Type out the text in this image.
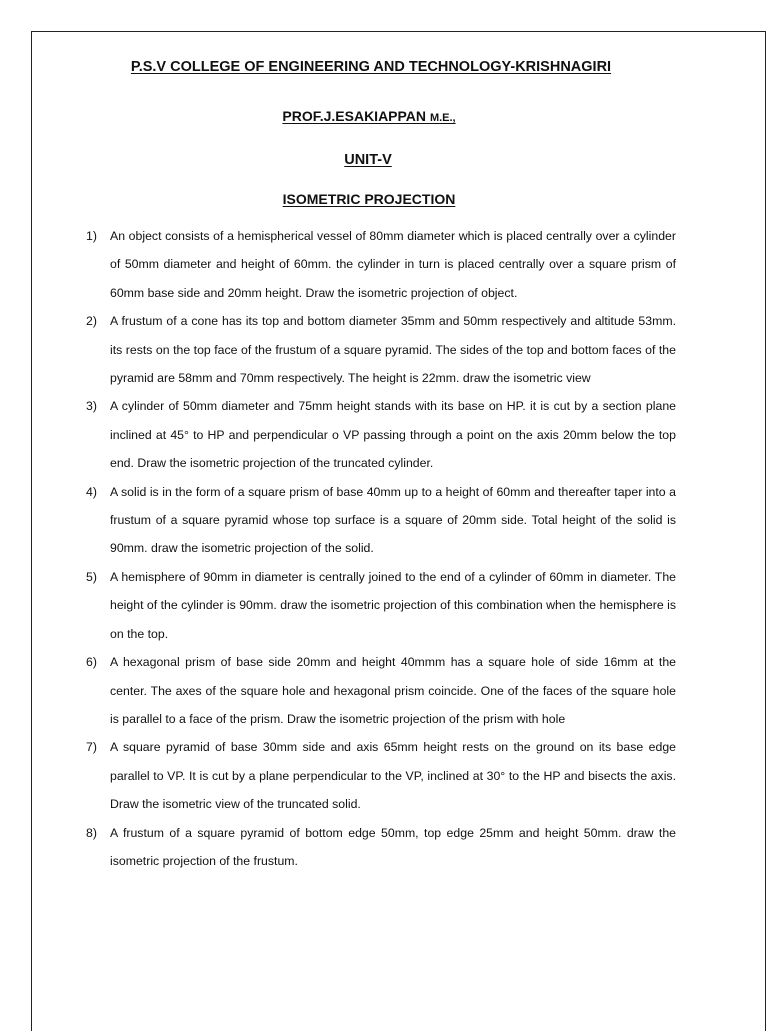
P.S.V COLLEGE OF ENGINEERING AND TECHNOLOGY-KRISHNAGIRI
PROF.J.ESAKIAPPAN M.E.,
UNIT-V
ISOMETRIC PROJECTION
1) An object consists of a hemispherical vessel of 80mm diameter which is placed centrally over a cylinder of 50mm diameter and height of 60mm. the cylinder in turn is placed centrally over a square prism of 60mm base side and 20mm height. Draw the isometric projection of object.
2) A frustum of a cone has its top and bottom diameter 35mm and 50mm respectively and altitude 53mm. its rests on the top face of the frustum of a square pyramid. The sides of the top and bottom faces of the pyramid are 58mm and 70mm respectively. The height is 22mm. draw the isometric view
3) A cylinder of 50mm diameter and 75mm height stands with its base on HP. it is cut by a section plane inclined at 45° to HP and perpendicular o VP passing through a point on the axis 20mm below the top end. Draw the isometric projection of the truncated cylinder.
4) A solid is in the form of a square prism of base 40mm up to a height of 60mm and thereafter taper into a frustum of a square pyramid whose top surface is a square of 20mm side. Total height of the solid is 90mm. draw the isometric projection of the solid.
5) A hemisphere of 90mm in diameter is centrally joined to the end of a cylinder of 60mm in diameter. The height of the cylinder is 90mm. draw the isometric projection of this combination when the hemisphere is on the top.
6) A hexagonal prism of base side 20mm and height 40mmm has a square hole of side 16mm at the center. The axes of the square hole and hexagonal prism coincide. One of the faces of the square hole is parallel to a face of the prism. Draw the isometric projection of the prism with hole
7) A square pyramid of base 30mm side and axis 65mm height rests on the ground on its base edge parallel to VP. It is cut by a plane perpendicular to the VP, inclined at 30° to the HP and bisects the axis. Draw the isometric view of the truncated solid.
8) A frustum of a square pyramid of bottom edge 50mm, top edge 25mm and height 50mm. draw the isometric projection of the frustum.
